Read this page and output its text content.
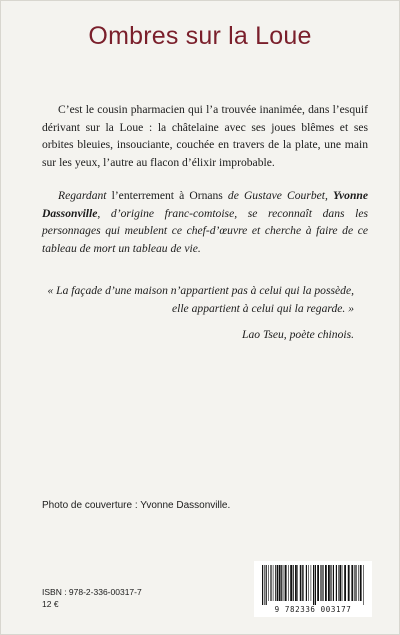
Ombres sur la Loue
C’est le cousin pharmacien qui l’a trouvée inanimée, dans l’esquif dérivant sur la Loue : la châtelaine avec ses joues blêmes et ses orbites bleuies, insouciante, couchée en travers de la plate, une main sur les yeux, l’autre au flacon d’élixir improbable.
Regardant l’enterrement à Ornans de Gustave Courbet, Yvonne Dassonville, d’origine franc-comtoise, se reconnaît dans les personnages qui meublent ce chef-d’œuvre et cherche à faire de ce tableau de mort un tableau de vie.
« La façade d’une maison n’appartient pas à celui qui la possède,
elle appartient à celui qui la regarde. »
Lao Tseu, poète chinois.
Photo de couverture : Yvonne Dassonville.
ISBN : 978-2-336-00317-7
12 €
9 782336 003177
